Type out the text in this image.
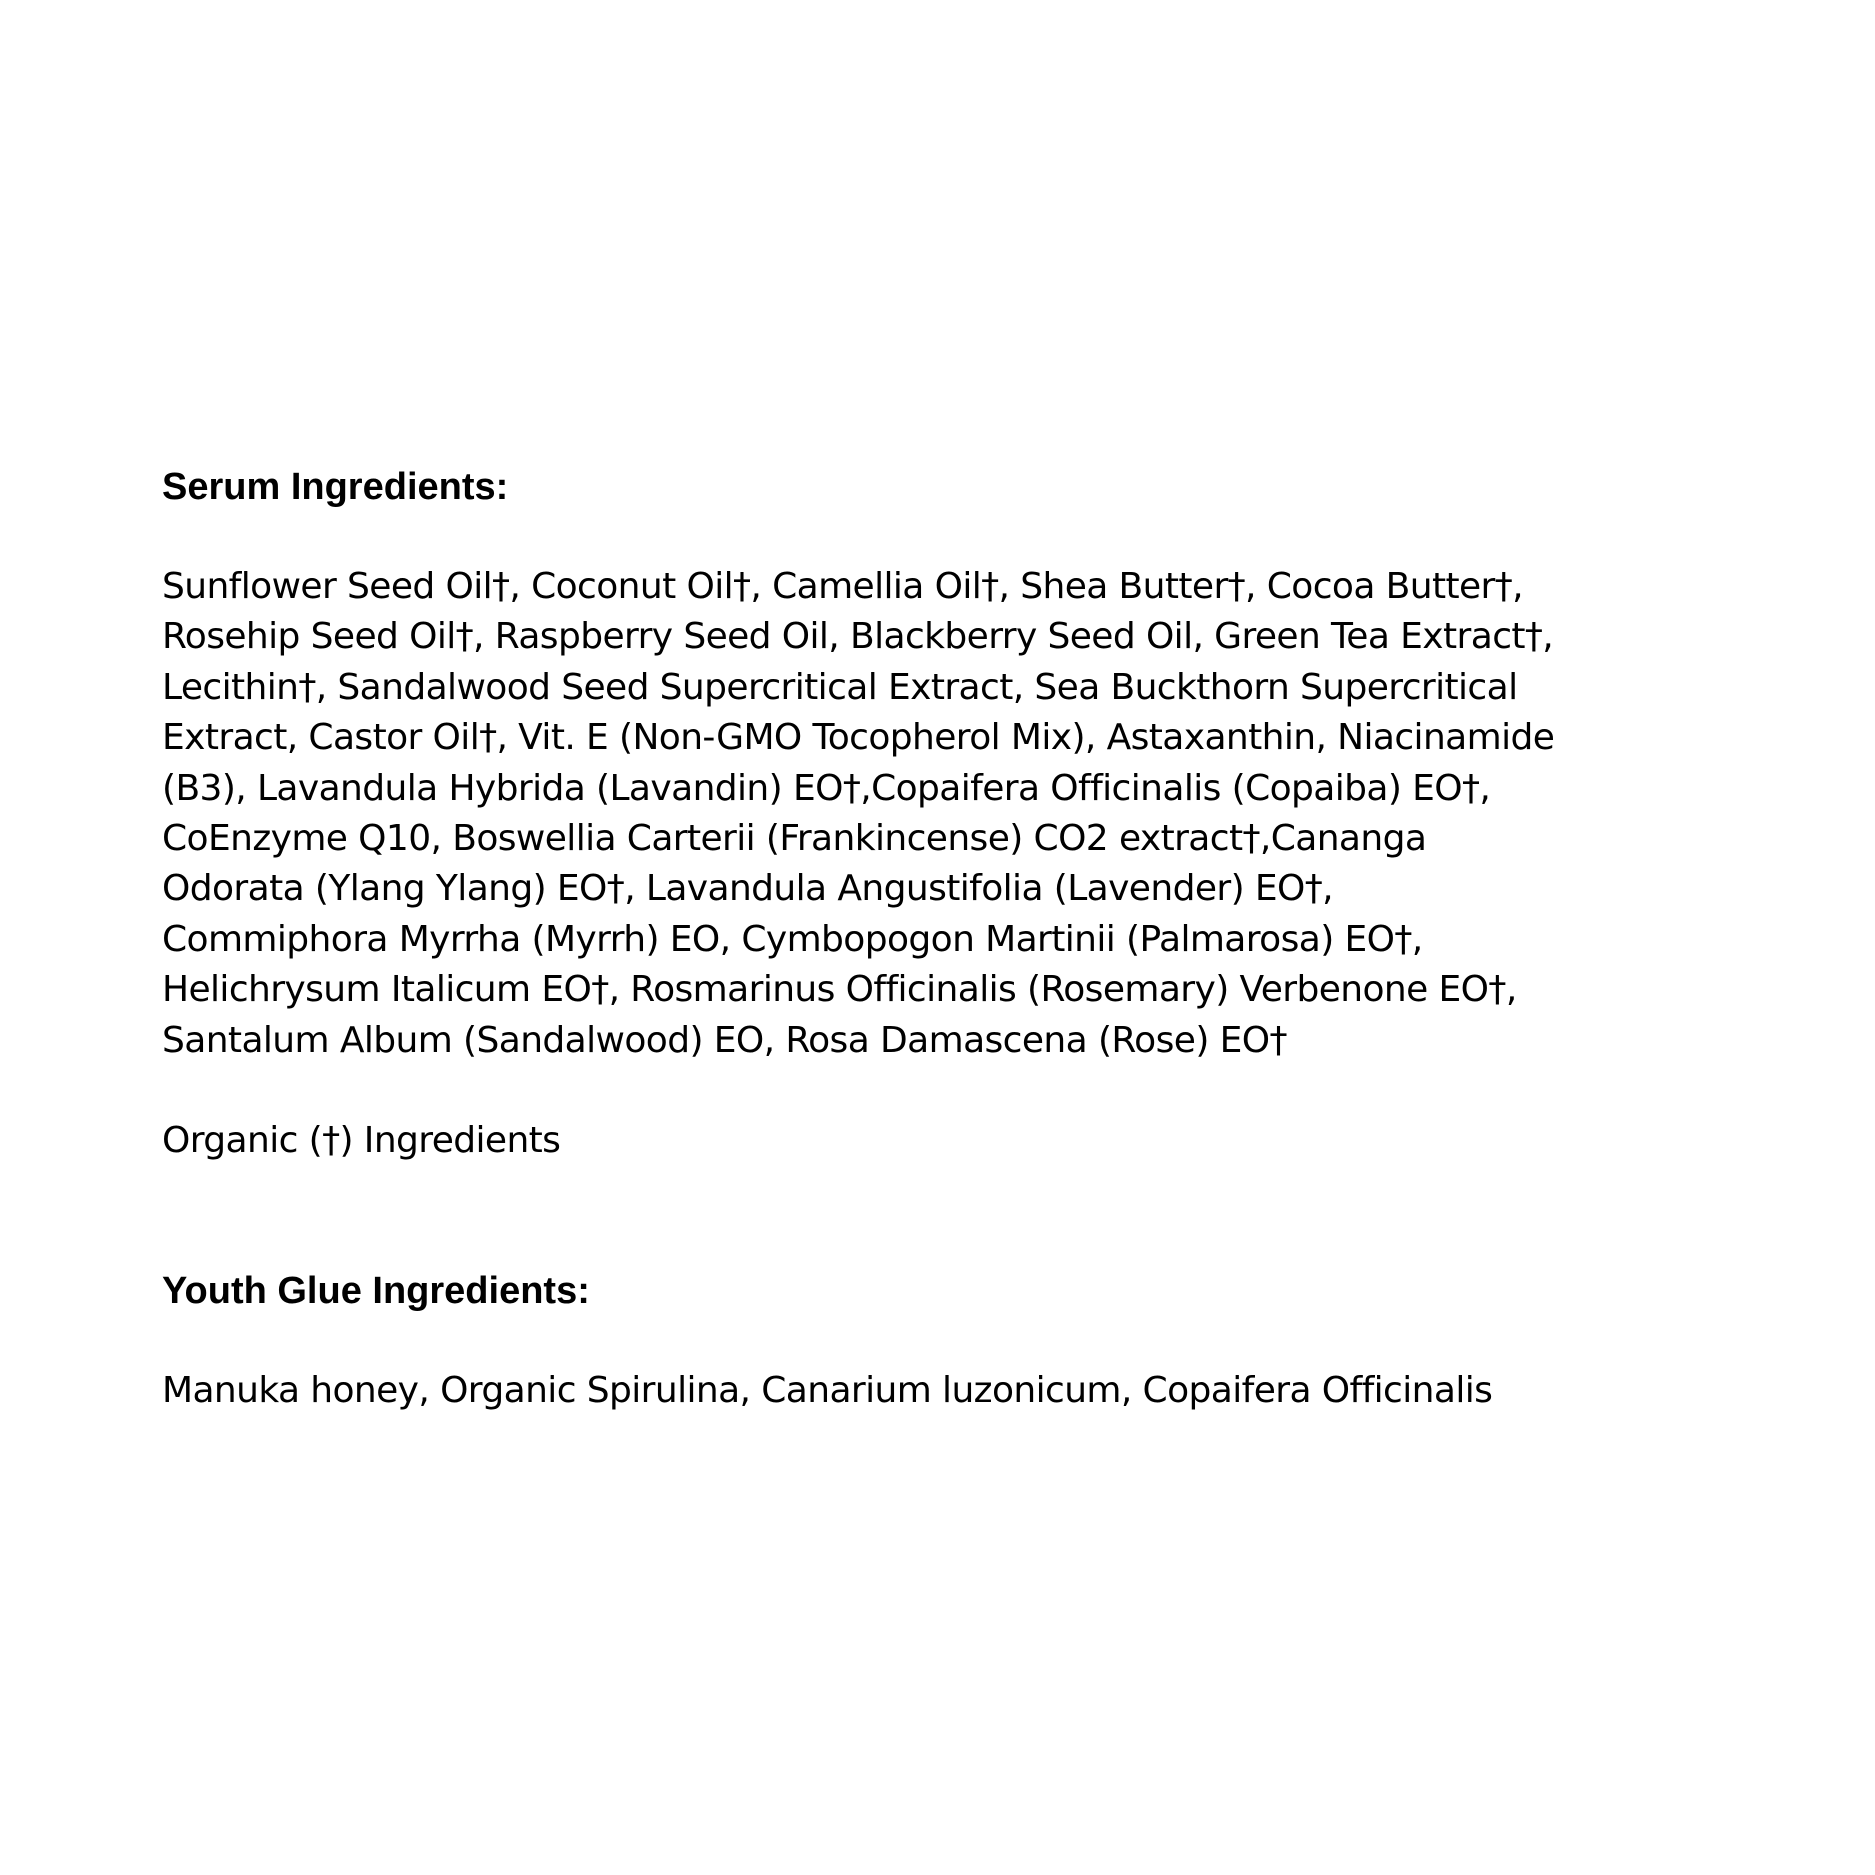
Serum Ingredients:

Sunflower Seed Oil†, Coconut Oil†, Camellia Oil†, Shea Butter†, Cocoa Butter†,
Rosehip Seed Oil†, Raspberry Seed Oil, Blackberry Seed Oil, Green Tea Extract†,
Lecithin†, Sandalwood Seed Supercritical Extract, Sea Buckthorn Supercritical
Extract, Castor Oil†, Vit. E (Non-GMO Tocopherol Mix), Astaxanthin, Niacinamide
(B3), Lavandula Hybrida (Lavandin) EO†,Copaifera Officinalis (Copaiba) EO†,
CoEnzyme Q10, Boswellia Carterii (Frankincense) CO2 extract†,Cananga
Odorata (Ylang Ylang) EO†, Lavandula Angustifolia (Lavender) EO†,
Commiphora Myrrha (Myrrh) EO, Cymbopogon Martinii (Palmarosa) EO†,
Helichrysum Italicum EO†, Rosmarinus Officinalis (Rosemary) Verbenone EO†,
Santalum Album (Sandalwood) EO, Rosa Damascena (Rose) EO†

Organic (†) Ingredients

Youth Glue Ingredients:

Manuka honey, Organic Spirulina, Canarium luzonicum, Copaifera Officinalis
